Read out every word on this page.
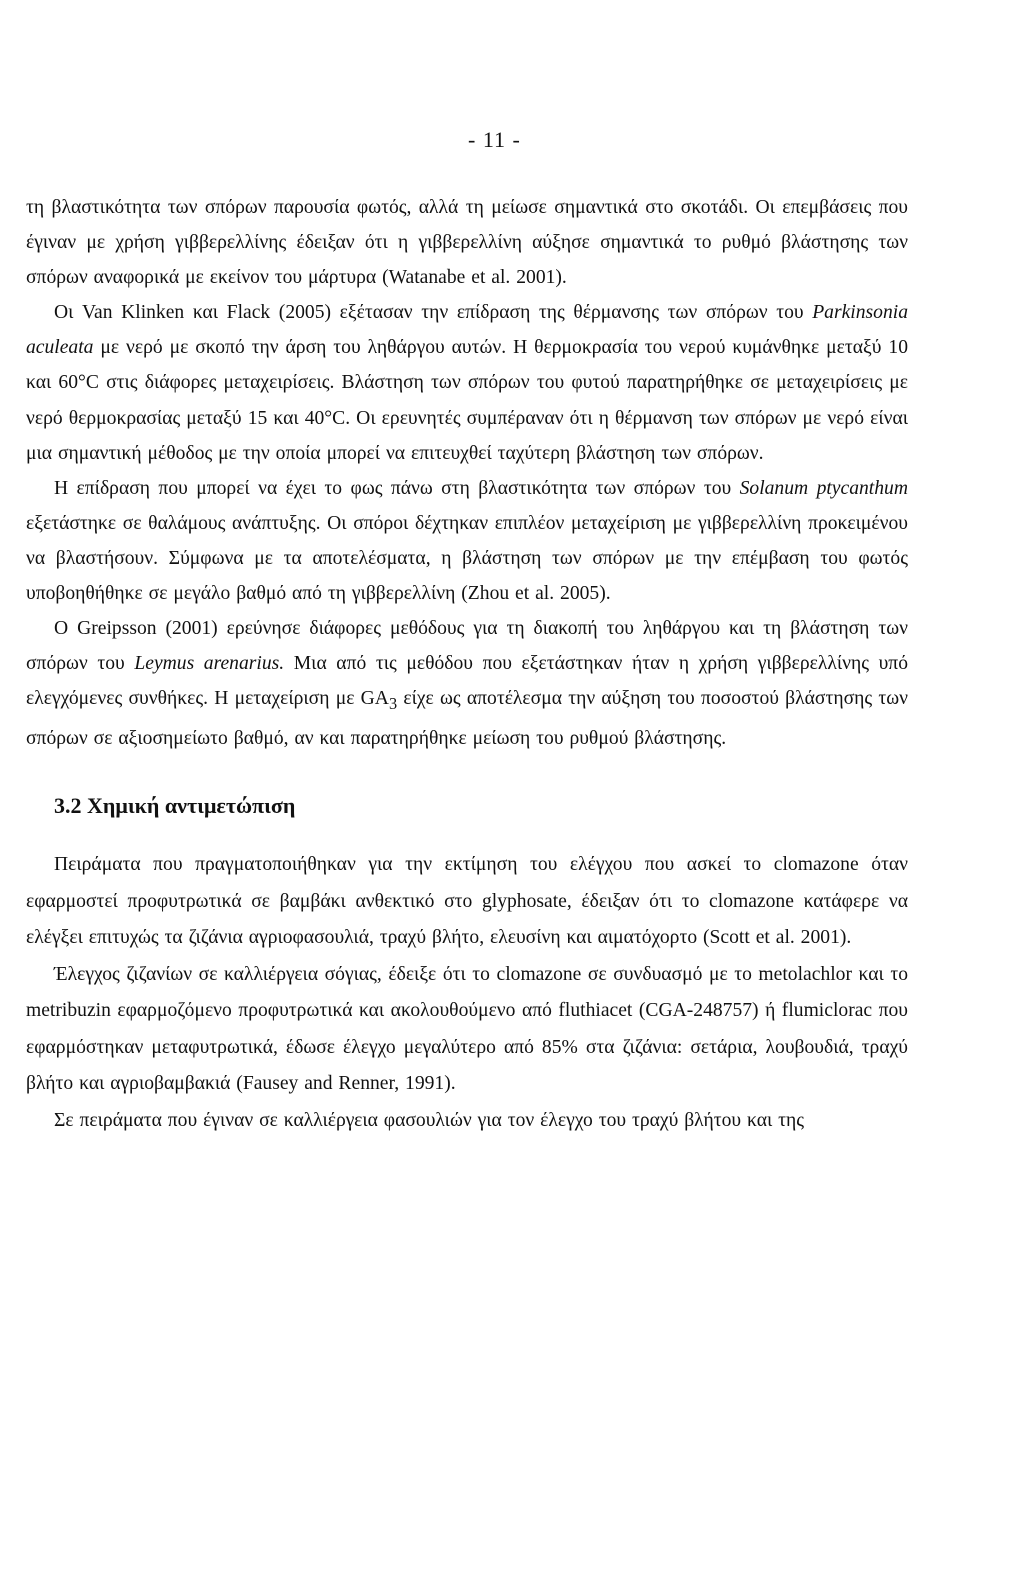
- 11 -

τη βλαστικότητα των σπόρων παρουσία φωτός, αλλά τη μείωσε σημαντικά στο σκοτάδι. Οι επεμβάσεις που έγιναν με χρήση γιββερελλίνης έδειξαν ότι η γιββερελλίνη αύξησε σημαντικά το ρυθμό βλάστησης των σπόρων αναφορικά με εκείνον του μάρτυρα (Watanabe et al. 2001).

Οι Van Klinken και Flack (2005) εξέτασαν την επίδραση της θέρμανσης των σπόρων του Parkinsonia aculeata με νερό με σκοπό την άρση του ληθάργου αυτών. Η θερμοκρασία του νερού κυμάνθηκε μεταξύ 10 και 60°C στις διάφορες μεταχειρίσεις. Βλάστηση των σπόρων του φυτού παρατηρήθηκε σε μεταχειρίσεις με νερό θερμοκρασίας μεταξύ 15 και 40°C. Οι ερευνητές συμπέραναν ότι η θέρμανση των σπόρων με νερό είναι μια σημαντική μέθοδος με την οποία μπορεί να επιτευχθεί ταχύτερη βλάστηση των σπόρων.

Η επίδραση που μπορεί να έχει το φως πάνω στη βλαστικότητα των σπόρων του Solanum ptycanthum εξετάστηκε σε θαλάμους ανάπτυξης. Οι σπόροι δέχτηκαν επιπλέον μεταχείριση με γιββερελλίνη προκειμένου να βλαστήσουν. Σύμφωνα με τα αποτελέσματα, η βλάστηση των σπόρων με την επέμβαση του φωτός υποβοηθήθηκε σε μεγάλο βαθμό από τη γιββερελλίνη (Zhou et al. 2005).

Ο Greipsson (2001) ερεύνησε διάφορες μεθόδους για τη διακοπή του ληθάργου και τη βλάστηση των σπόρων του Leymus arenarius. Μια από τις μεθόδου που εξετάστηκαν ήταν η χρήση γιββερελλίνης υπό ελεγχόμενες συνθήκες. Η μεταχείριση με $GA_3$ είχε ως αποτέλεσμα την αύξηση του ποσοστού βλάστησης των σπόρων σε αξιοσημείωτο βαθμό, αν και παρατηρήθηκε μείωση του ρυθμού βλάστησης.

3.2 Χημική αντιμετώπιση

Πειράματα που πραγματοποιήθηκαν για την εκτίμηση του ελέγχου που ασκεί το clomazone όταν εφαρμοστεί προφυτρωτικά σε βαμβάκι ανθεκτικό στο glyphosate, έδειξαν ότι το clomazone κατάφερε να ελέγξει επιτυχώς τα ζιζάνια αγριοφασουλιά, τραχύ βλήτο, ελευσίνη και αιματόχορτο (Scott et al. 2001).

Έλεγχος ζιζανίων σε καλλιέργεια σόγιας, έδειξε ότι το clomazone σε συνδυασμό με το metolachlor και το metribuzin εφαρμοζόμενο προφυτρωτικά και ακολουθούμενο από fluthiacet (CGA-248757) ή flumiclorac που εφαρμόστηκαν μεταφυτρωτικά, έδωσε έλεγχο μεγαλύτερο από 85% στα ζιζάνια: σετάρια, λουβουδιά, τραχύ βλήτο και αγριοβαμβακιά (Fausey and Renner, 1991).

Σε πειράματα που έγιναν σε καλλιέργεια φασουλιών για τον έλεγχο του τραχύ βλήτου και της
